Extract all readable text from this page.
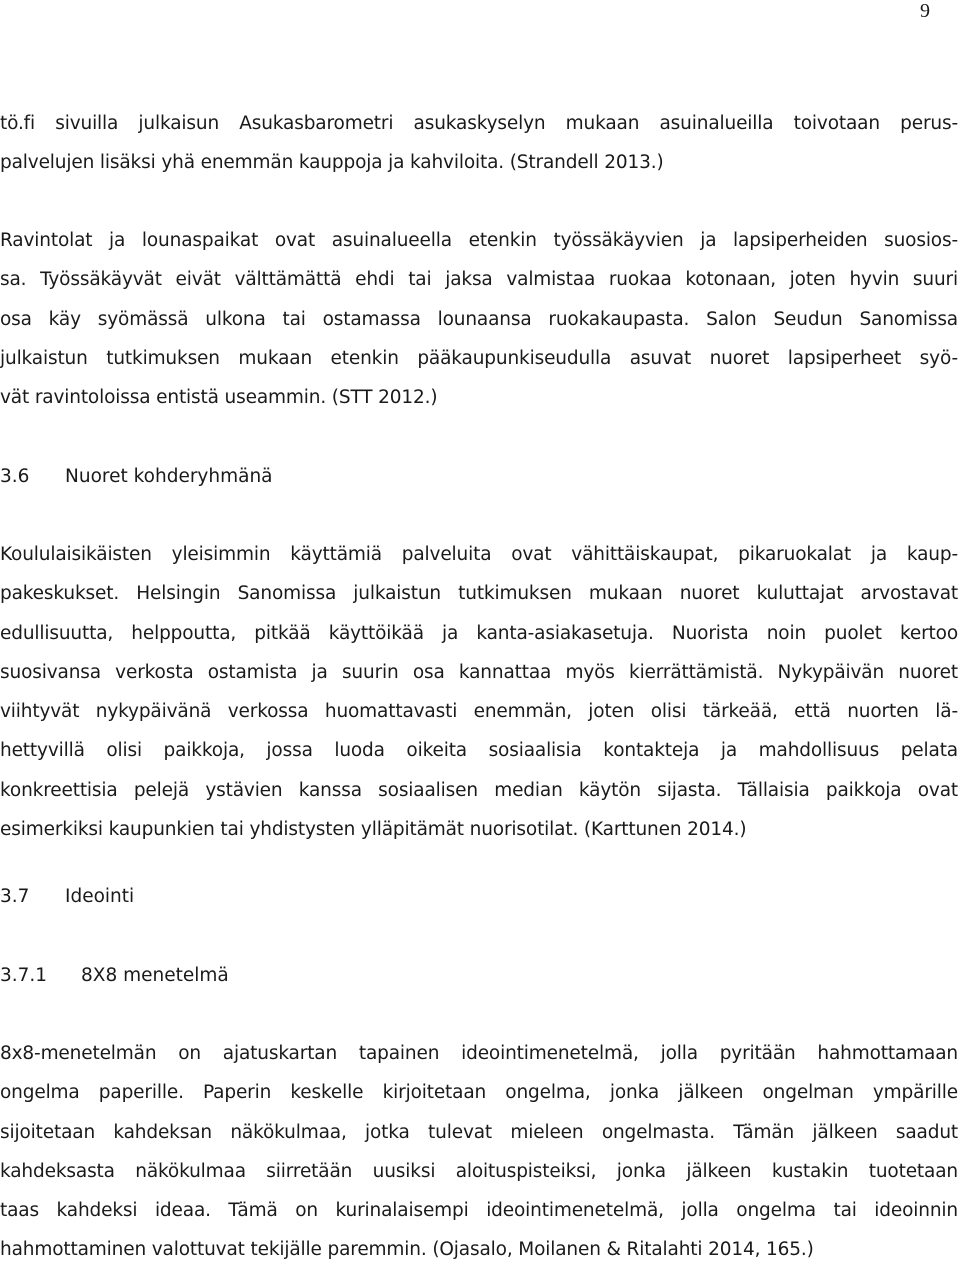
9
tö.fi sivuilla julkaisun Asukasbarometri asukaskyselyn mukaan asuinalueilla toivotaan perus-
palvelujen lisäksi yhä enemmän kauppoja ja kahviloita. (Strandell 2013.)
Ravintolat ja lounaspaikat ovat asuinalueella etenkin työssäkäyvien ja lapsiperheiden suosios-
sa. Työssäkäyvät eivät välttämättä ehdi tai jaksa valmistaa ruokaa kotonaan, joten hyvin suuri
osa käy syömässä ulkona tai ostamassa lounaansa ruokakaupasta. Salon Seudun Sanomissa
julkaistun tutkimuksen mukaan etenkin pääkaupunkiseudulla asuvat nuoret lapsiperheet syö-
vät ravintoloissa entistä useammin. (STT 2012.)
3.6 Nuoret kohderyhmänä
Koululaisikäisten yleisimmin käyttämiä palveluita ovat vähittäiskaupat, pikaruokalat ja kaup-
pakeskukset. Helsingin Sanomissa julkaistun tutkimuksen mukaan nuoret kuluttajat arvostavat
edullisuutta, helppoutta, pitkää käyttöikää ja kanta-asiakasetuja. Nuorista noin puolet kertoo
suosivansa verkosta ostamista ja suurin osa kannattaa myös kierrättämistä. Nykypäivän nuoret
viihtyvät nykypäivänä verkossa huomattavasti enemmän, joten olisi tärkeää, että nuorten lä-
hettyvillä olisi paikkoja, jossa luoda oikeita sosiaalisia kontakteja ja mahdollisuus pelata
konkreettisia pelejä ystävien kanssa sosiaalisen median käytön sijasta. Tällaisia paikkoja ovat
esimerkiksi kaupunkien tai yhdistysten ylläpitämät nuorisotilat. (Karttunen 2014.)
3.7 Ideointi
3.7.1 8X8 menetelmä
8x8-menetelmän on ajatuskartan tapainen ideointimenetelmä, jolla pyritään hahmottamaan
ongelma paperille. Paperin keskelle kirjoitetaan ongelma, jonka jälkeen ongelman ympärille
sijoitetaan kahdeksan näkökulmaa, jotka tulevat mieleen ongelmasta. Tämän jälkeen saadut
kahdeksasta näkökulmaa siirretään uusiksi aloituspisteiksi, jonka jälkeen kustakin tuotetaan
taas kahdeksi ideaa. Tämä on kurinalaisempi ideointimenetelmä, jolla ongelma tai ideoinnin
hahmottaminen valottuvat tekijälle paremmin. (Ojasalo, Moilanen & Ritalahti 2014, 165.)
